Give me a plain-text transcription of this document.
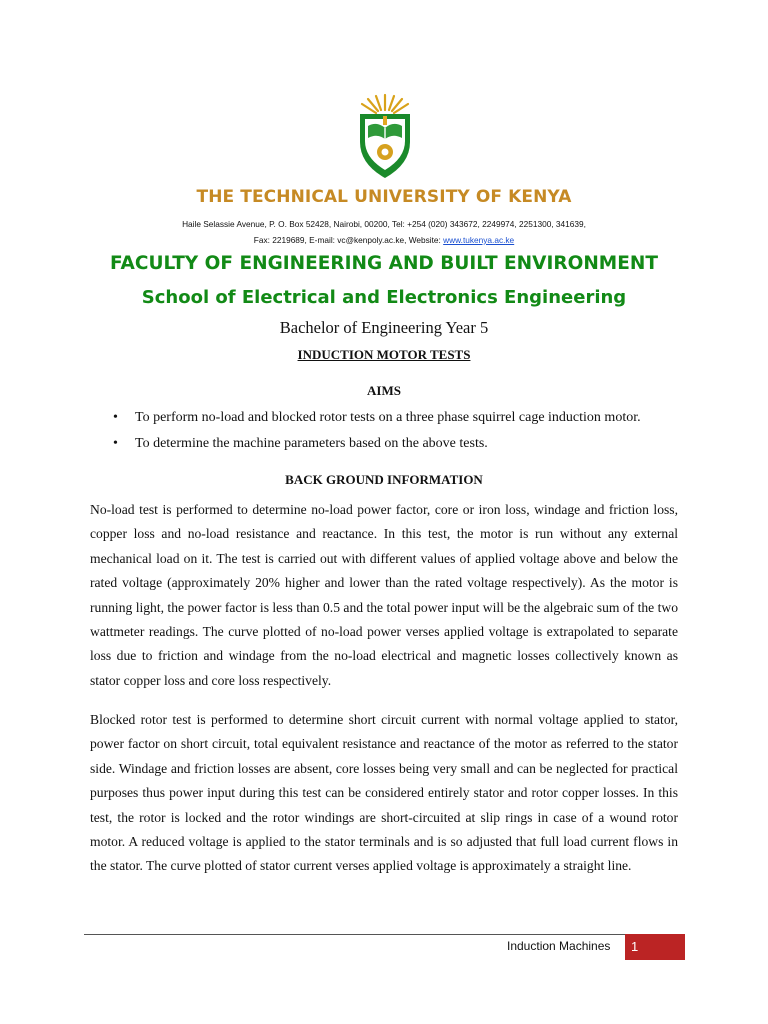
THE TECHNICAL UNIVERSITY OF KENYA
Haile Selassie Avenue, P. O. Box 52428, Nairobi, 00200, Tel: +254 (020) 343672, 2249974, 2251300, 341639,
Fax: 2219689, E-mail: vc@kenpoly.ac.ke, Website: www.tukenya.ac.ke
FACULTY OF ENGINEERING AND BUILT ENVIRONMENT
School of Electrical and Electronics Engineering
Bachelor of Engineering Year 5
INDUCTION MOTOR TESTS
AIMS
• To perform no-load and blocked rotor tests on a three phase squirrel cage induction motor.
• To determine the machine parameters based on the above tests.
BACK GROUND INFORMATION

No-load test is performed to determine no-load power factor, core or iron loss, windage and friction loss, copper loss and no-load resistance and reactance. In this test, the motor is run without any external mechanical load on it. The test is carried out with different values of applied voltage above and below the rated voltage (approximately 20% higher and lower than the rated voltage respectively). As the motor is running light, the power factor is less than 0.5 and the total power input will be the algebraic sum of the two wattmeter readings. The curve plotted of no-load power verses applied voltage is extrapolated to separate loss due to friction and windage from the no-load electrical and magnetic losses collectively known as stator copper loss and core loss respectively.

Blocked rotor test is performed to determine short circuit current with normal voltage applied to stator, power factor on short circuit, total equivalent resistance and reactance of the motor as referred to the stator side. Windage and friction losses are absent, core losses being very small and can be neglected for practical purposes thus power input during this test can be considered entirely stator and rotor copper losses. In this test, the rotor is locked and the rotor windings are short-circuited at slip rings in case of a wound rotor motor. A reduced voltage is applied to the stator terminals and is so adjusted that full load current flows in the stator. The curve plotted of stator current verses applied voltage is approximately a straight line.

Induction Machines	1
